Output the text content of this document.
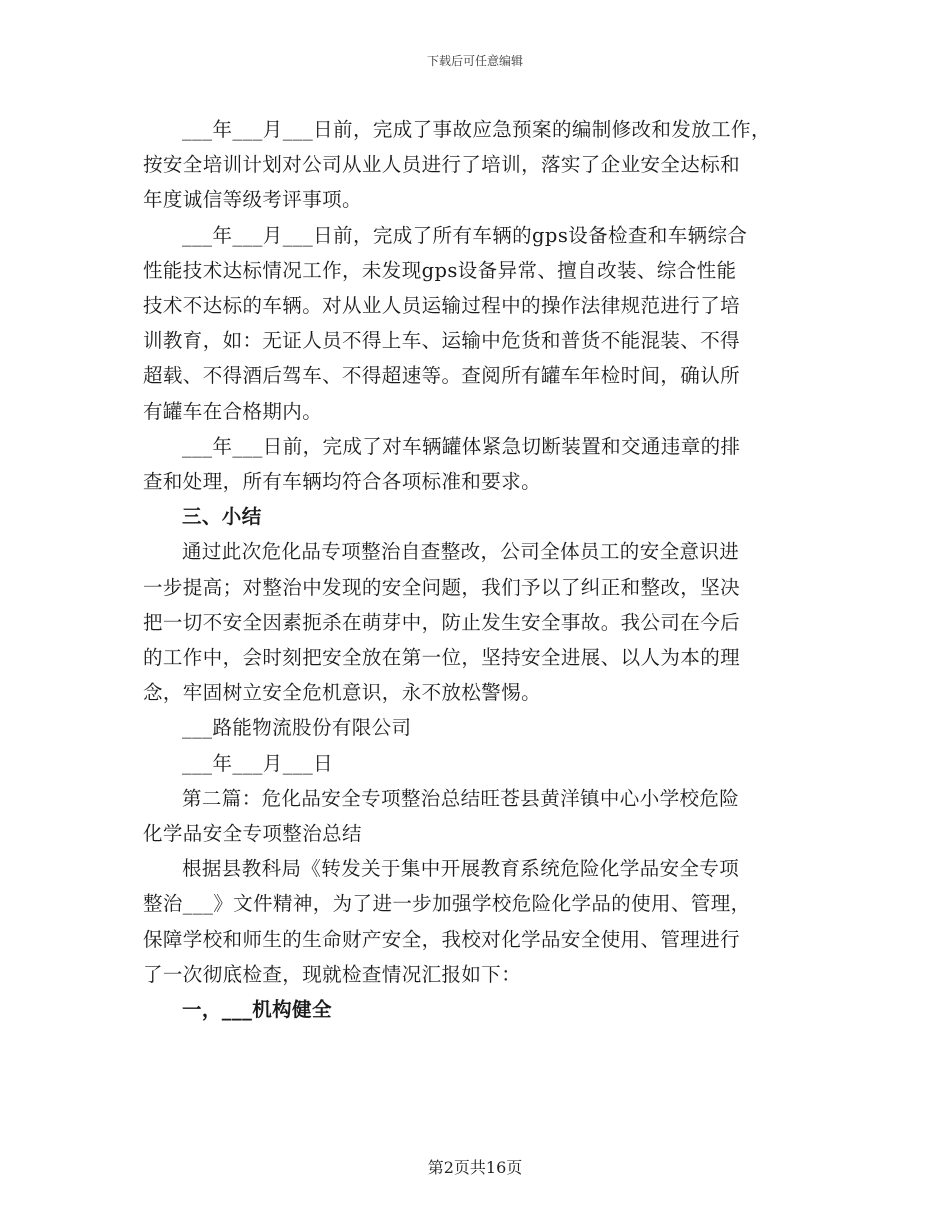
下载后可任意编辑
___年___月___日前，完成了事故应急预案的编制修改和发放工作，
按安全培训计划对公司从业人员进行了培训，落实了企业安全达标和
年度诚信等级考评事项。
___年___月___日前，完成了所有车辆的gps设备检查和车辆综合
性能技术达标情况工作，未发现gps设备异常、擅自改装、综合性能
技术不达标的车辆。对从业人员运输过程中的操作法律规范进行了培
训教育，如：无证人员不得上车、运输中危货和普货不能混装、不得
超载、不得酒后驾车、不得超速等。查阅所有罐车年检时间，确认所
有罐车在合格期内。
___年___日前，完成了对车辆罐体紧急切断装置和交通违章的排
查和处理，所有车辆均符合各项标准和要求。
三、小结
通过此次危化品专项整治自查整改，公司全体员工的安全意识进
一步提高；对整治中发现的安全问题，我们予以了纠正和整改，坚决
把一切不安全因素扼杀在萌芽中，防止发生安全事故。我公司在今后
的工作中，会时刻把安全放在第一位，坚持安全进展、以人为本的理
念，牢固树立安全危机意识，永不放松警惕。
___路能物流股份有限公司
___年___月___日
第二篇：危化品安全专项整治总结旺苍县黄洋镇中心小学校危险
化学品安全专项整治总结
根据县教科局《转发关于集中开展教育系统危险化学品安全专项
整治___》文件精神，为了进一步加强学校危险化学品的使用、管理，
保障学校和师生的生命财产安全，我校对化学品安全使用、管理进行
了一次彻底检查，现就检查情况汇报如下：
一，___机构健全
第2页共16页
